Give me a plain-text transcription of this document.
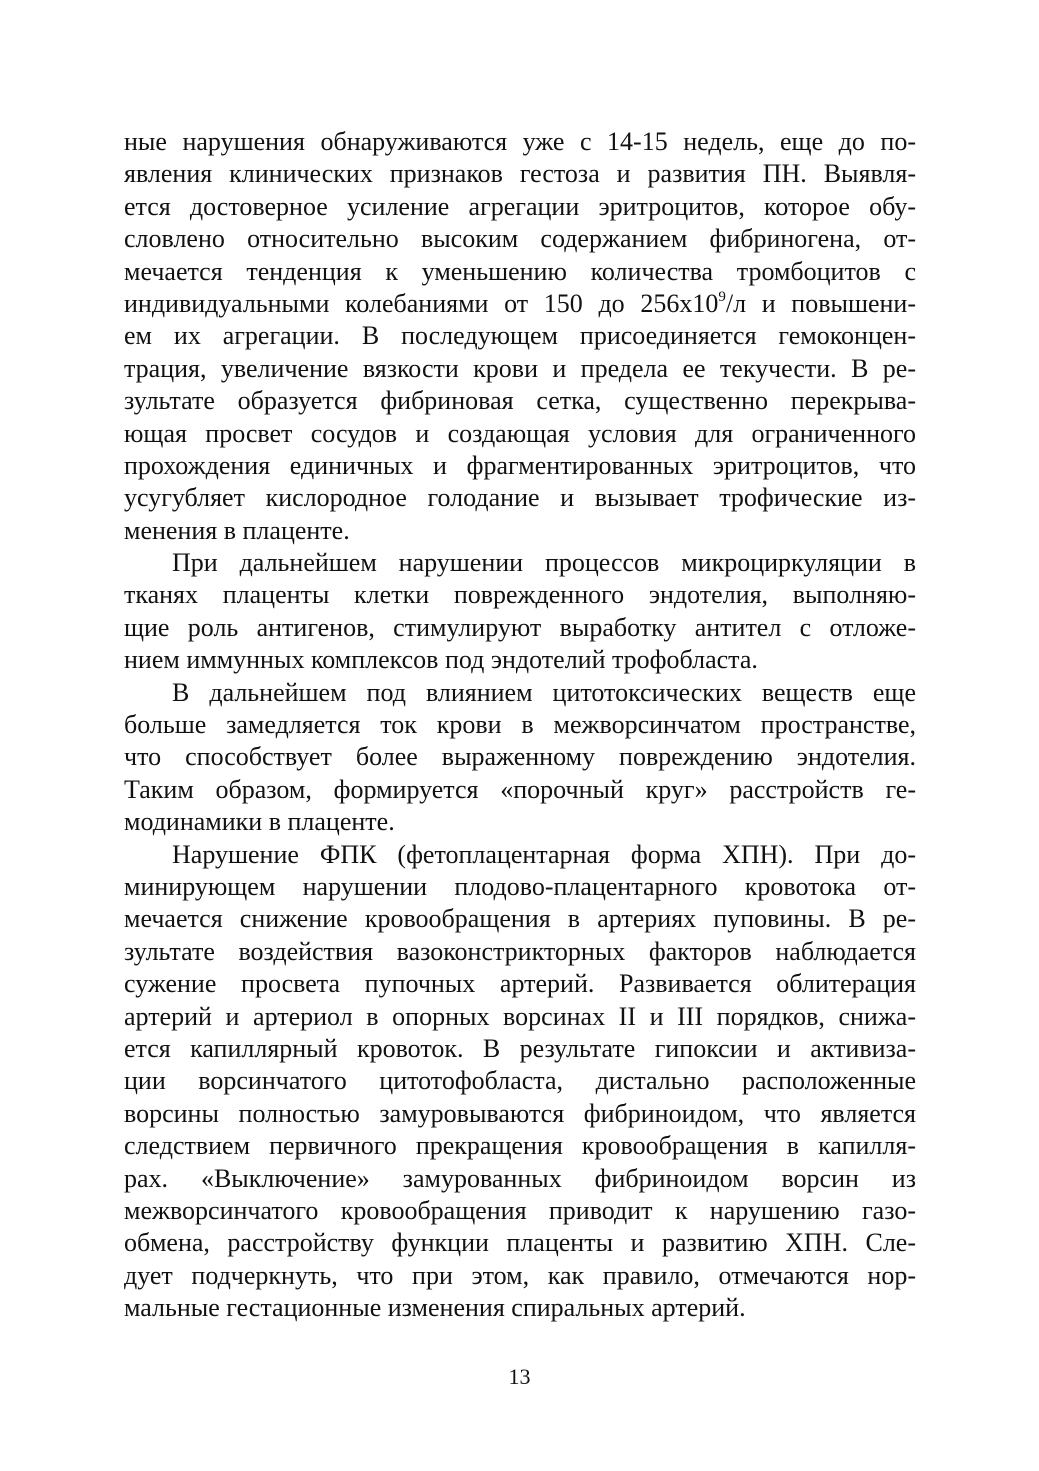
ные нарушения обнаруживаются уже с 14-15 недель, еще до по-
явления клинических признаков гестоза и развития ПН. Выявля-
ется достоверное усиление агрегации эритроцитов, которое обу-
словлено относительно высоким содержанием фибриногена, от-
мечается тенденция к уменьшению количества тромбоцитов с
индивидуальными колебаниями от 150 до $256х10^9/л$ и повышени-
ем их агрегации. В последующем присоединяется гемоконцен-
трация, увеличение вязкости крови и предела ее текучести. В ре-
зультате образуется фибриновая сетка, существенно перекрыва-
ющая просвет сосудов и создающая условия для ограниченного
прохождения единичных и фрагментированных эритроцитов, что
усугубляет кислородное голодание и вызывает трофические из-
менения в плаценте.
При дальнейшем нарушении процессов микроциркуляции в
тканях плаценты клетки поврежденного эндотелия, выполняю-
щие роль антигенов, стимулируют выработку антител с отложе-
нием иммунных комплексов под эндотелий трофобласта.
В дальнейшем под влиянием цитотоксических веществ еще
больше замедляется ток крови в межворсинчатом пространстве,
что способствует более выраженному повреждению эндотелия.
Таким образом, формируется «порочный круг» расстройств ге-
модинамики в плаценте.
Нарушение ФПК (фетоплацентарная форма ХПН). При до-
минирующем нарушении плодово-плацентарного кровотока от-
мечается снижение кровообращения в артериях пуповины. В ре-
зультате воздействия вазоконстрикторных факторов наблюдается
сужение просвета пупочных артерий. Развивается облитерация
артерий и артериол в опорных ворсинах II и III порядков, снижа-
ется капиллярный кровоток. В результате гипоксии и активиза-
ции ворсинчатого цитотофобласта, дистально расположенные
ворсины полностью замуровываются фибриноидом, что является
следствием первичного прекращения кровообращения в капилля-
рах. «Выключение» замурованных фибриноидом ворсин из
межворсинчатого кровообращения приводит к нарушению газо-
обмена, расстройству функции плаценты и развитию ХПН. Сле-
дует подчеркнуть, что при этом, как правило, отмечаются нор-
мальные гестационные изменения спиральных артерий.
13
